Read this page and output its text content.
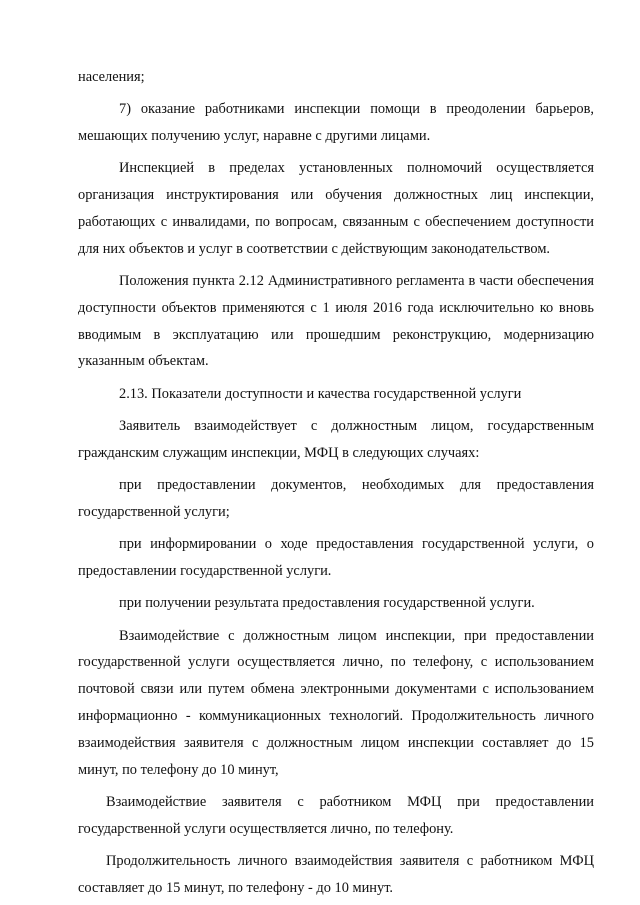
населения;

7) оказание работниками инспекции помощи в преодолении барьеров, мешающих получению услуг, наравне с другими лицами.

Инспекцией в пределах установленных полномочий осуществляется организация инструктирования или обучения должностных лиц инспекции, работающих с инвалидами, по вопросам, связанным с обеспечением доступности для них объектов и услуг в соответствии с действующим законодательством.

Положения пункта 2.12 Административного регламента в части обеспечения доступности объектов применяются с 1 июля 2016 года исключительно ко вновь вводимым в эксплуатацию или прошедшим реконструкцию, модернизацию указанным объектам.

2.13. Показатели доступности и качества государственной услуги

Заявитель взаимодействует с должностным лицом, государственным гражданским служащим инспекции, МФЦ в следующих случаях:

при предоставлении документов, необходимых для предоставления государственной услуги;

при информировании о ходе предоставления государственной услуги, о предоставлении государственной услуги.

при получении результата предоставления государственной услуги.

Взаимодействие с должностным лицом инспекции, при предоставлении государственной услуги осуществляется лично, по телефону, с использованием почтовой связи или путем обмена электронными документами с использованием информационно - коммуникационных технологий. Продолжительность личного взаимодействия заявителя с должностным лицом инспекции составляет до 15 минут, по телефону до 10 минут,

Взаимодействие заявителя с работником МФЦ при предоставлении государственной услуги осуществляется лично, по телефону.

Продолжительность личного взаимодействия заявителя с работником МФЦ составляет до 15 минут, по телефону - до 10 минут.
